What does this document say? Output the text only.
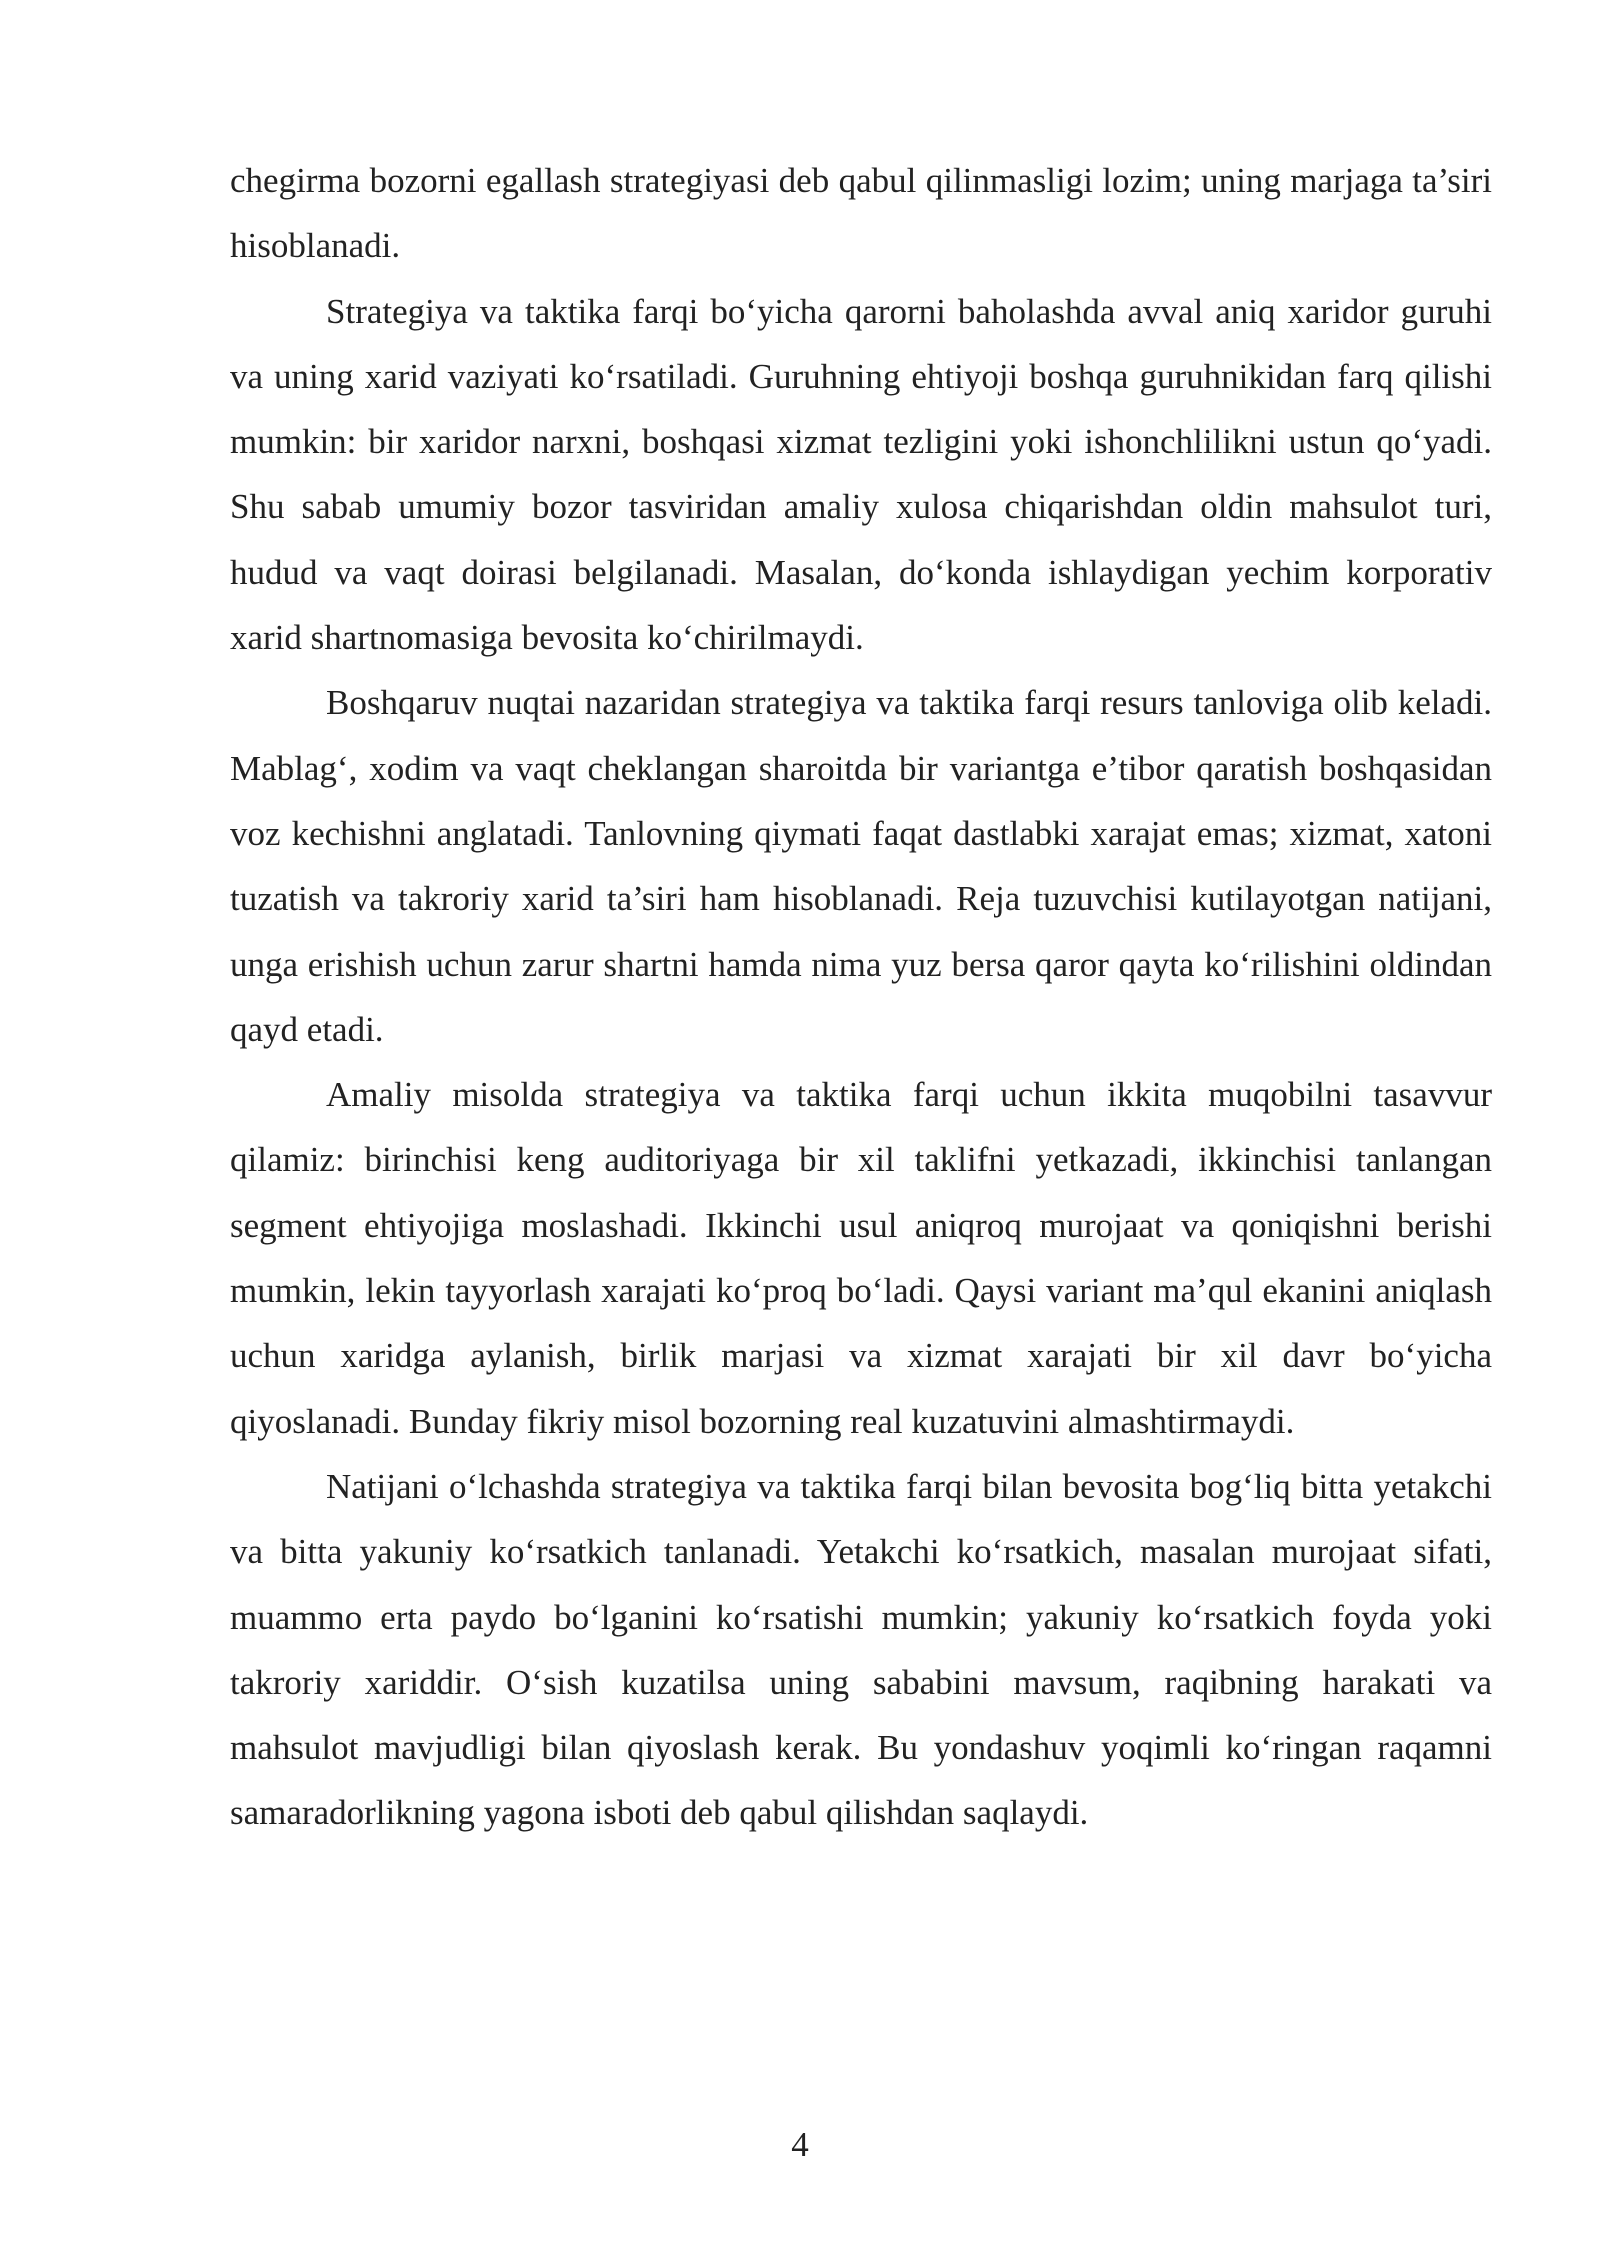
chegirma bozorni egallash strategiyasi deb qabul qilinmasligi lozim; uning marjaga ta’siri hisoblanadi.

Strategiya va taktika farqi bo‘yicha qarorni baholashda avval aniq xaridor guruhi va uning xarid vaziyati ko‘rsatiladi. Guruhning ehtiyoji boshqa guruhnikidan farq qilishi mumkin: bir xaridor narxni, boshqasi xizmat tezligini yoki ishonchlilikni ustun qo‘yadi. Shu sabab umumiy bozor tasviridan amaliy xulosa chiqarishdan oldin mahsulot turi, hudud va vaqt doirasi belgilanadi. Masalan, do‘konda ishlaydigan yechim korporativ xarid shartnomasiga bevosita ko‘chirilmaydi.

Boshqaruv nuqtai nazaridan strategiya va taktika farqi resurs tanloviga olib keladi. Mablag‘, xodim va vaqt cheklangan sharoitda bir variantga e’tibor qaratish boshqasidan voz kechishni anglatadi. Tanlovning qiymati faqat dastlabki xarajat emas; xizmat, xatoni tuzatish va takroriy xarid ta’siri ham hisoblanadi. Reja tuzuvchisi kutilayotgan natijani, unga erishish uchun zarur shartni hamda nima yuz bersa qaror qayta ko‘rilishini oldindan qayd etadi.

Amaliy misolda strategiya va taktika farqi uchun ikkita muqobilni tasavvur qilamiz: birinchisi keng auditoriyaga bir xil taklifni yetkazadi, ikkinchisi tanlangan segment ehtiyojiga moslashadi. Ikkinchi usul aniqroq murojaat va qoniqishni berishi mumkin, lekin tayyorlash xarajati ko‘proq bo‘ladi. Qaysi variant ma’qul ekanini aniqlash uchun xaridga aylanish, birlik marjasi va xizmat xarajati bir xil davr bo‘yicha qiyoslanadi. Bunday fikriy misol bozorning real kuzatuvini almashtirmaydi.

Natijani o‘lchashda strategiya va taktika farqi bilan bevosita bog‘liq bitta yetakchi va bitta yakuniy ko‘rsatkich tanlanadi. Yetakchi ko‘rsatkich, masalan murojaat sifati, muammo erta paydo bo‘lganini ko‘rsatishi mumkin; yakuniy ko‘rsatkich foyda yoki takroriy xariddir. O‘sish kuzatilsa uning sababini mavsum, raqibning harakati va mahsulot mavjudligi bilan qiyoslash kerak. Bu yondashuv yoqimli ko‘ringan raqamni samaradorlikning yagona isboti deb qabul qilishdan saqlaydi.

4
